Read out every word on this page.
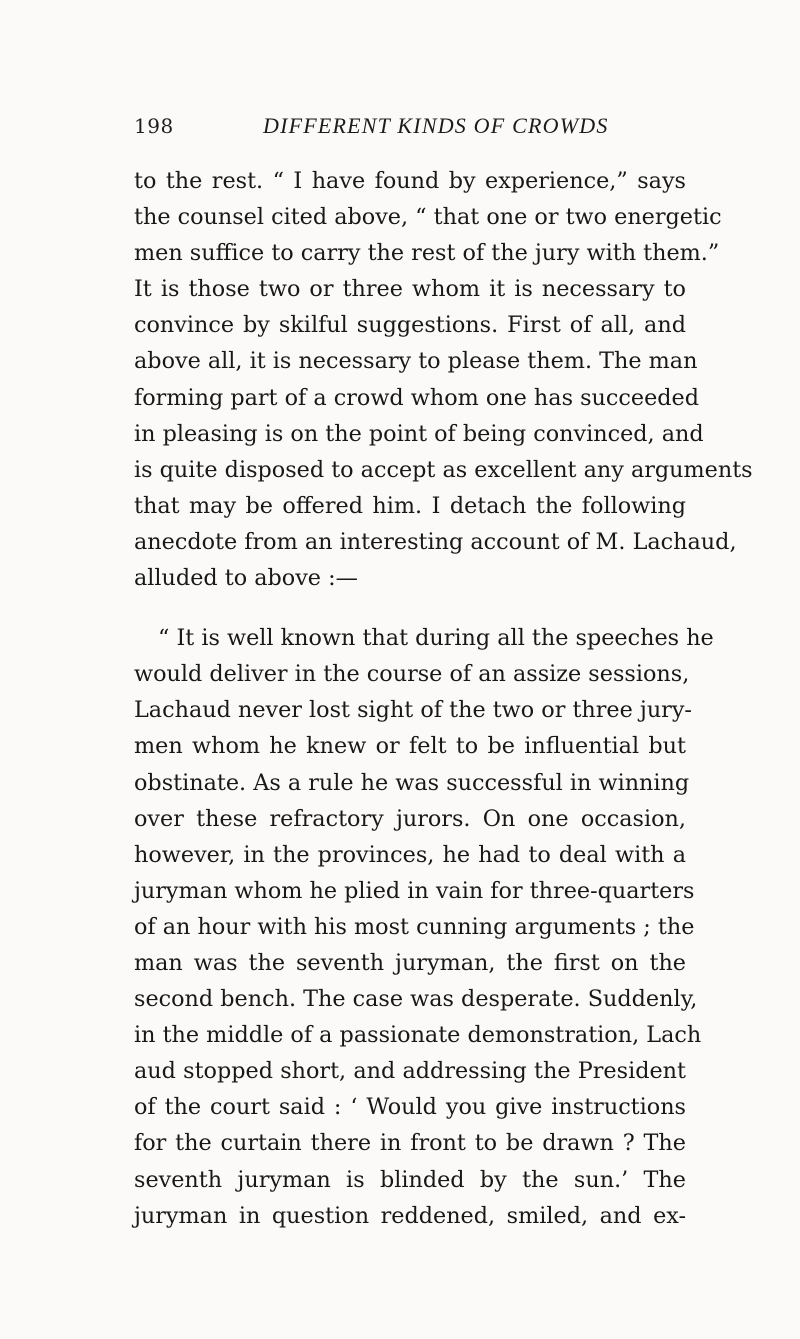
198	DIFFERENT KINDS OF CROWDS
to the rest. “ I have found by experience,” says
the counsel cited above, “ that one or two energetic
men suffice to carry the rest of the jury with them.”
It is those two or three whom it is necessary to
convince by skilful suggestions. First of all, and
above all, it is necessary to please them. The man
forming part of a crowd whom one has succeeded
in pleasing is on the point of being convinced, and
is quite disposed to accept as excellent any arguments
that may be offered him. I detach the following
anecdote from an interesting account of M. Lachaud,
alluded to above :—
“ It is well known that during all the speeches he
would deliver in the course of an assize sessions,
Lachaud never lost sight of the two or three jury-
men whom he knew or felt to be influential but
obstinate. As a rule he was successful in winning
over these refractory jurors. On one occasion,
however, in the provinces, he had to deal with a
juryman whom he plied in vain for three-quarters
of an hour with his most cunning arguments ; the
man was the seventh juryman, the first on the
second bench. The case was desperate. Suddenly,
in the middle of a passionate demonstration, Lach
aud stopped short, and addressing the President
of the court said : ‘ Would you give instructions
for the curtain there in front to be drawn ? The
seventh juryman is blinded by the sun.’ The
juryman in question reddened, smiled, and ex-
